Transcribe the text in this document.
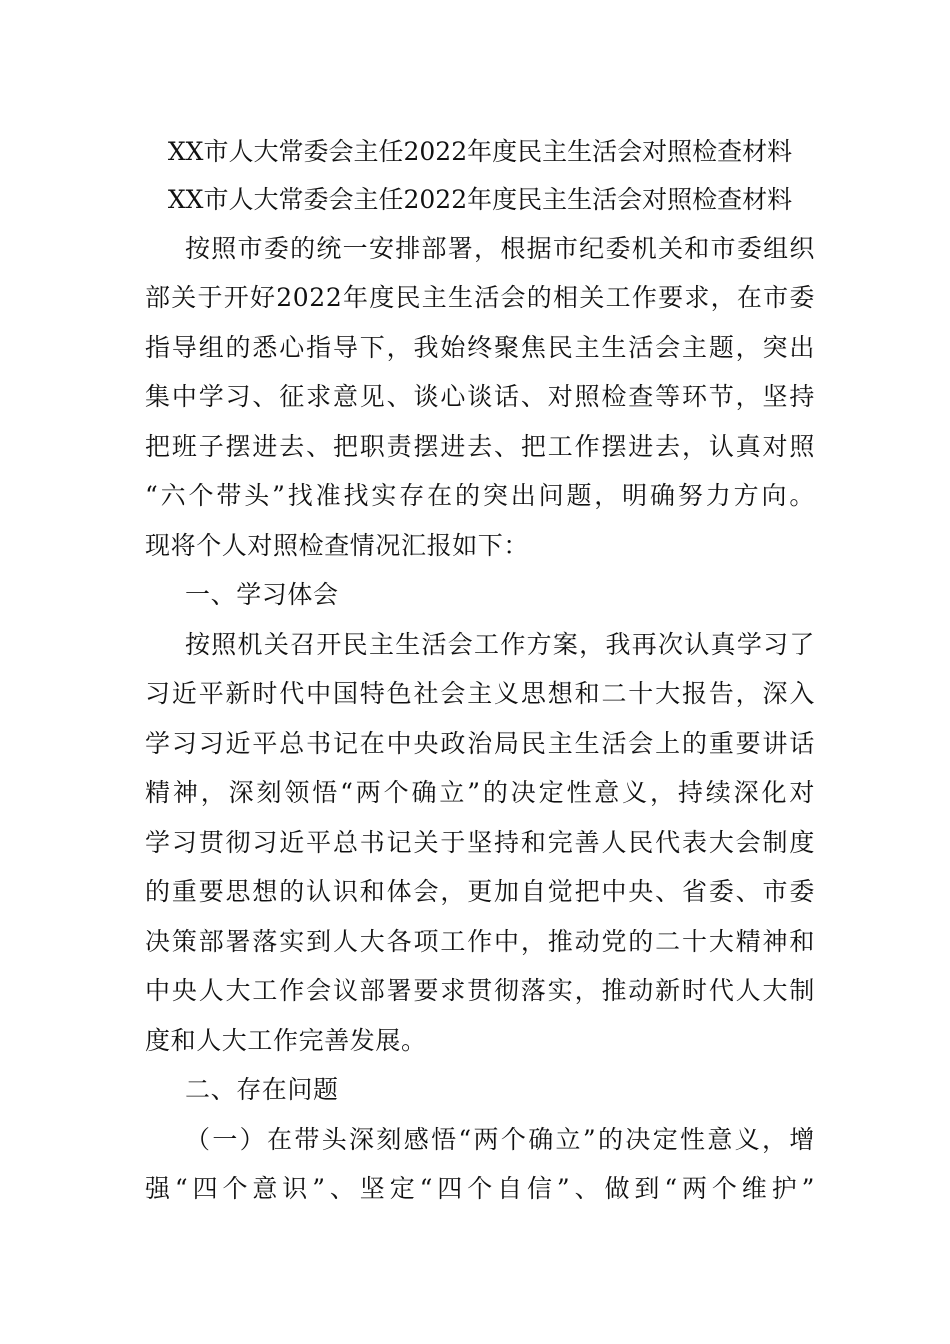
XX市人大常委会主任2022年度民主生活会对照检查材料
XX市人大常委会主任2022年度民主生活会对照检查材料
按照市委的统一安排部署，根据市纪委机关和市委组织
部关于开好2022年度民主生活会的相关工作要求，在市委
指导组的悉心指导下，我始终聚焦民主生活会主题，突出
集中学习、征求意见、谈心谈话、对照检查等环节，坚持
把班子摆进去、把职责摆进去、把工作摆进去，认真对照
“六个带头”找准找实存在的突出问题，明确努力方向。
现将个人对照检查情况汇报如下：
一、学习体会
按照机关召开民主生活会工作方案，我再次认真学习了
习近平新时代中国特色社会主义思想和二十大报告，深入
学习习近平总书记在中央政治局民主生活会上的重要讲话
精神，深刻领悟“两个确立”的决定性意义，持续深化对
学习贯彻习近平总书记关于坚持和完善人民代表大会制度
的重要思想的认识和体会，更加自觉把中央、省委、市委
决策部署落实到人大各项工作中，推动党的二十大精神和
中央人大工作会议部署要求贯彻落实，推动新时代人大制
度和人大工作完善发展。
二、存在问题
（一）在带头深刻感悟“两个确立”的决定性意义，增
强“四个意识”、坚定“四个自信”、做到“两个维护”
